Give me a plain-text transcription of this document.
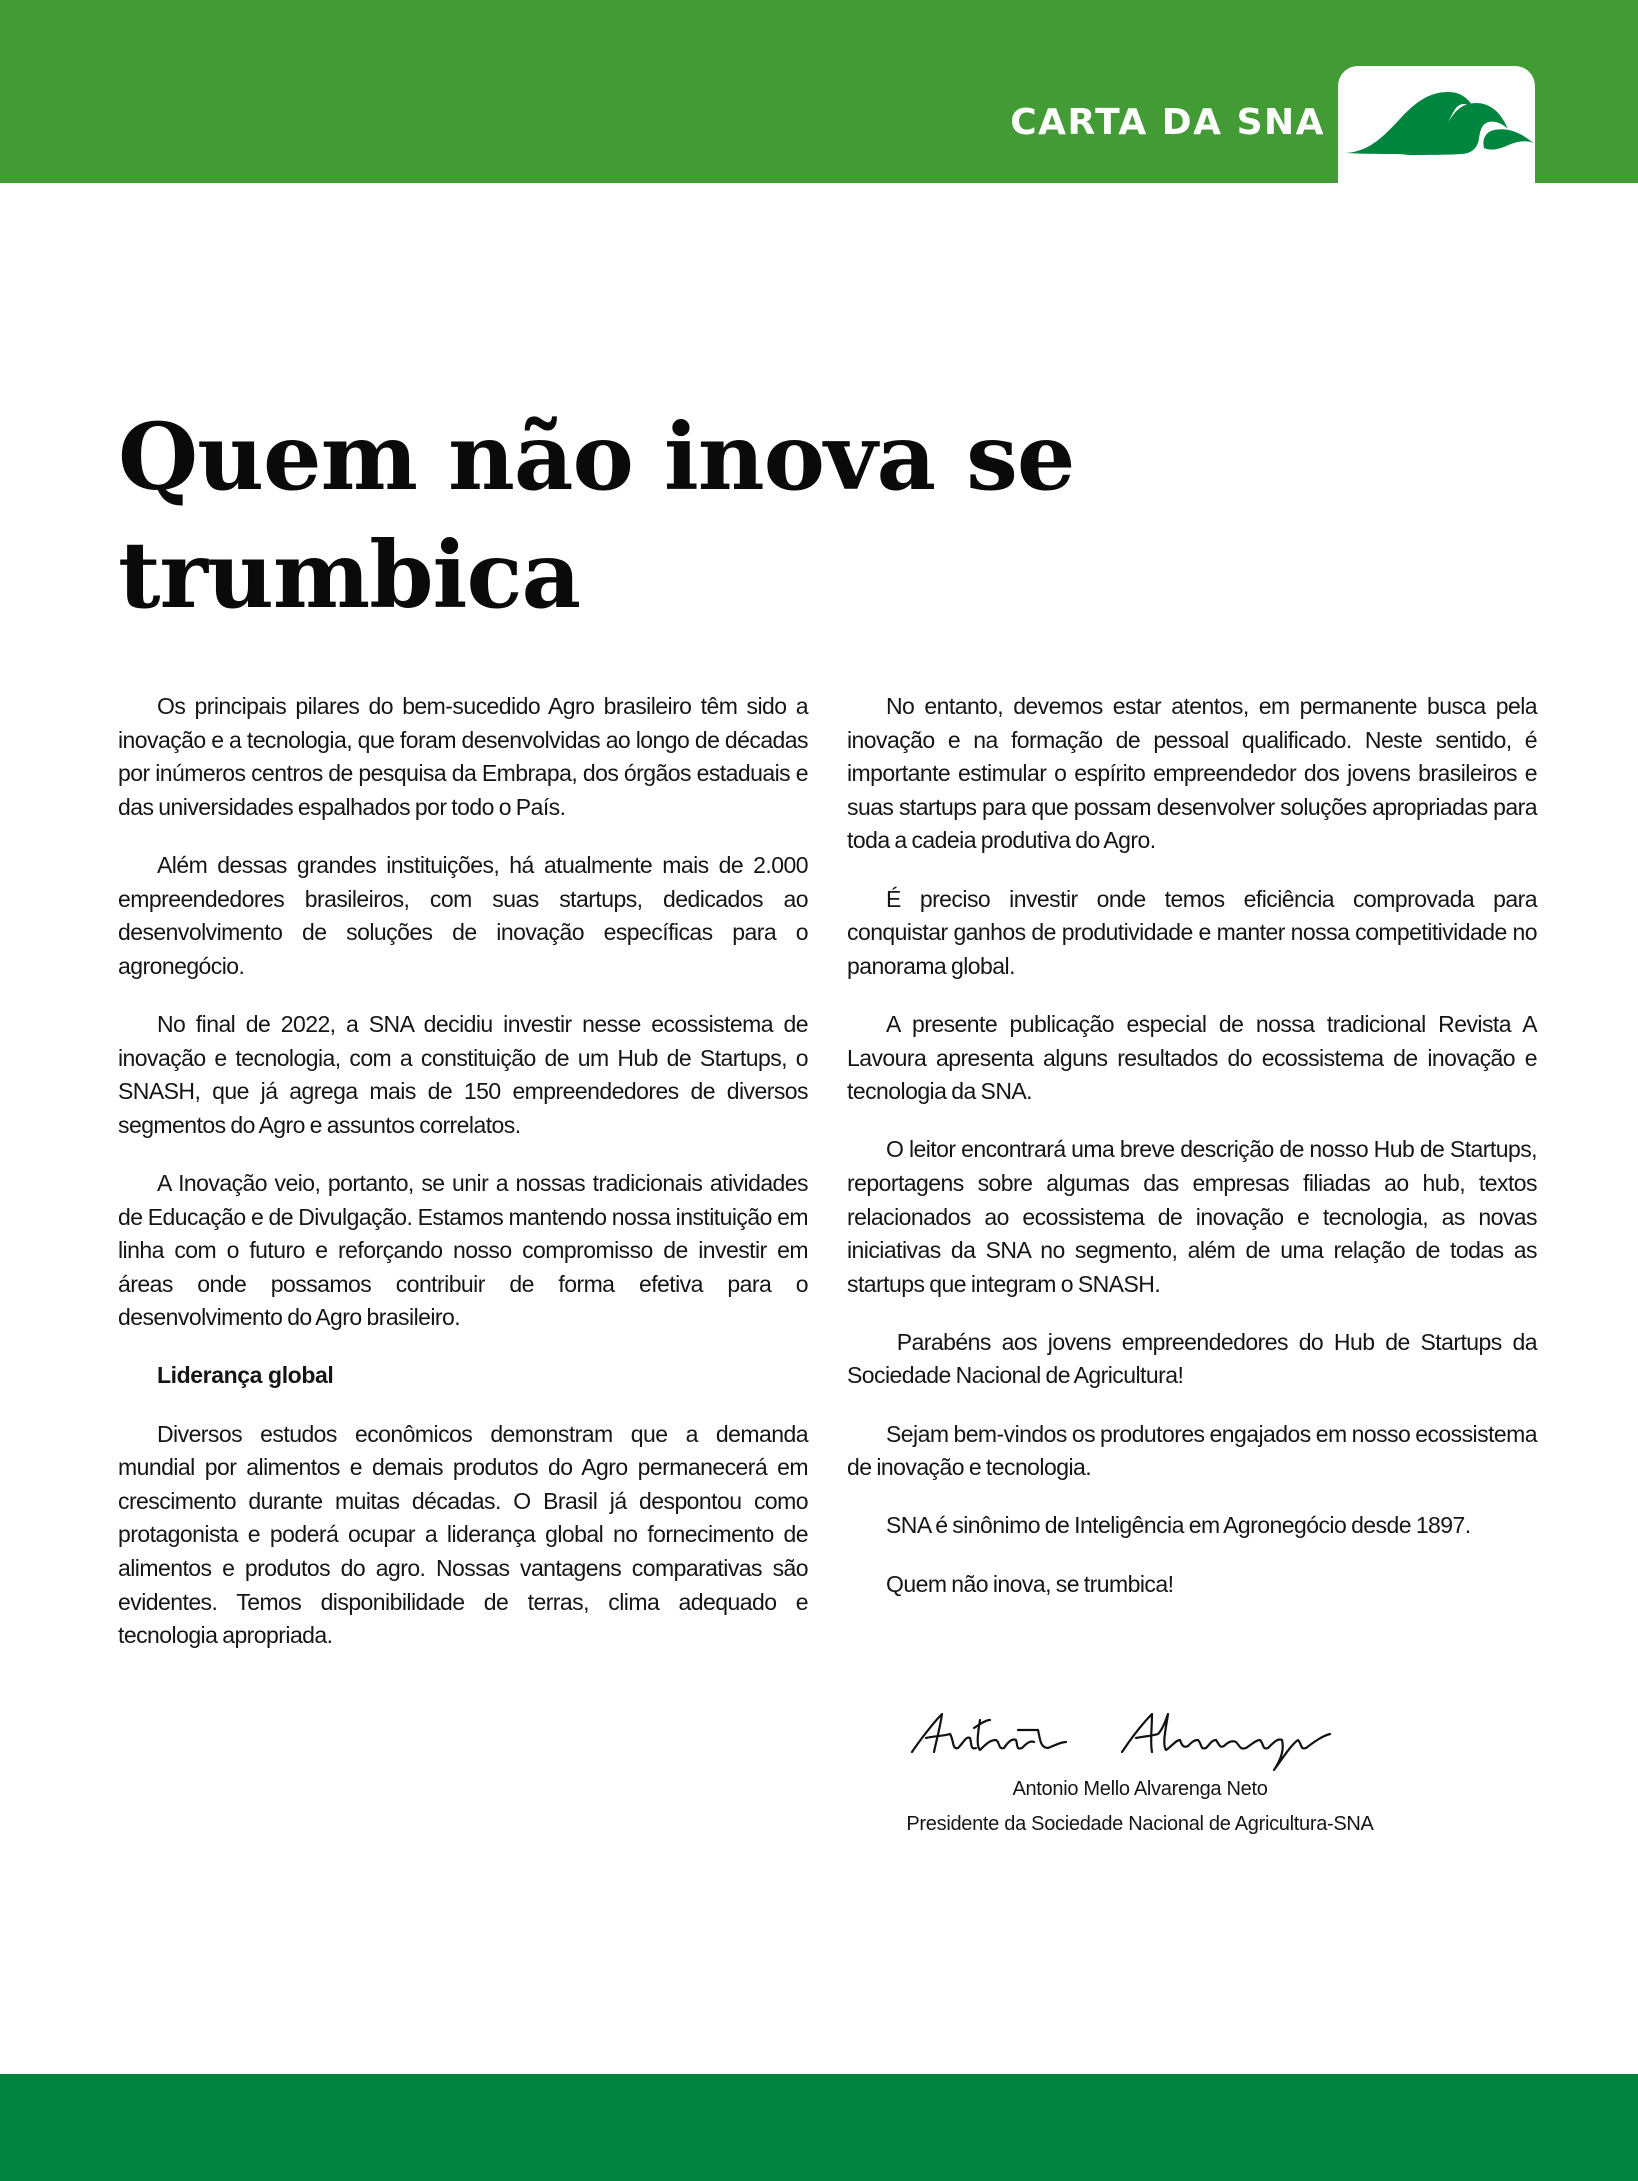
CARTA DA SNA
Quem não inova se trumbica

Os principais pilares do bem-sucedido Agro brasileiro têm sido a inovação e a tecnologia, que foram desenvolvidas ao longo de décadas por inúmeros centros de pesquisa da Embrapa, dos órgãos estaduais e das universidades espalhados por todo o País.

Além dessas grandes instituições, há atualmente mais de 2.000 empreendedores brasileiros, com suas startups, dedicados ao desenvolvimento de soluções de inovação específicas para o agronegócio.

No final de 2022, a SNA decidiu investir nesse ecossistema de inovação e tecnologia, com a constituição de um Hub de Startups, o SNASH, que já agrega mais de 150 empreendedores de diversos segmentos do Agro e assuntos correlatos.

A Inovação veio, portanto, se unir a nossas tradicionais atividades de Educação e de Divulgação. Estamos mantendo nossa instituição em linha com o futuro e reforçando nosso compromisso de investir em áreas onde possamos contribuir de forma efetiva para o desenvolvimento do Agro brasileiro.

Liderança global

Diversos estudos econômicos demonstram que a demanda mundial por alimentos e demais produtos do Agro permanecerá em crescimento durante muitas décadas. O Brasil já despontou como protagonista e poderá ocupar a liderança global no fornecimento de alimentos e produtos do agro. Nossas vantagens comparativas são evidentes. Temos disponibilidade de terras, clima adequado e tecnologia apropriada.

No entanto, devemos estar atentos, em permanente busca pela inovação e na formação de pessoal qualificado. Neste sentido, é importante estimular o espírito empreendedor dos jovens brasileiros e suas startups para que possam desenvolver soluções apropriadas para toda a cadeia produtiva do Agro.

É preciso investir onde temos eficiência comprovada para conquistar ganhos de produtividade e manter nossa competitividade no panorama global.

A presente publicação especial de nossa tradicional Revista A Lavoura apresenta alguns resultados do ecossistema de inovação e tecnologia da SNA.

O leitor encontrará uma breve descrição de nosso Hub de Startups, reportagens sobre algumas das empresas filiadas ao hub, textos relacionados ao ecossistema de inovação e tecnologia, as novas iniciativas da SNA no segmento, além de uma relação de todas as startups que integram o SNASH.

Parabéns aos jovens empreendedores do Hub de Startups da Sociedade Nacional de Agricultura!

Sejam bem-vindos os produtores engajados em nosso ecossistema de inovação e tecnologia.

SNA é sinônimo de Inteligência em Agronegócio desde 1897.

Quem não inova, se trumbica!

Antonio Mello Alvarenga Neto
Presidente da Sociedade Nacional de Agricultura-SNA
